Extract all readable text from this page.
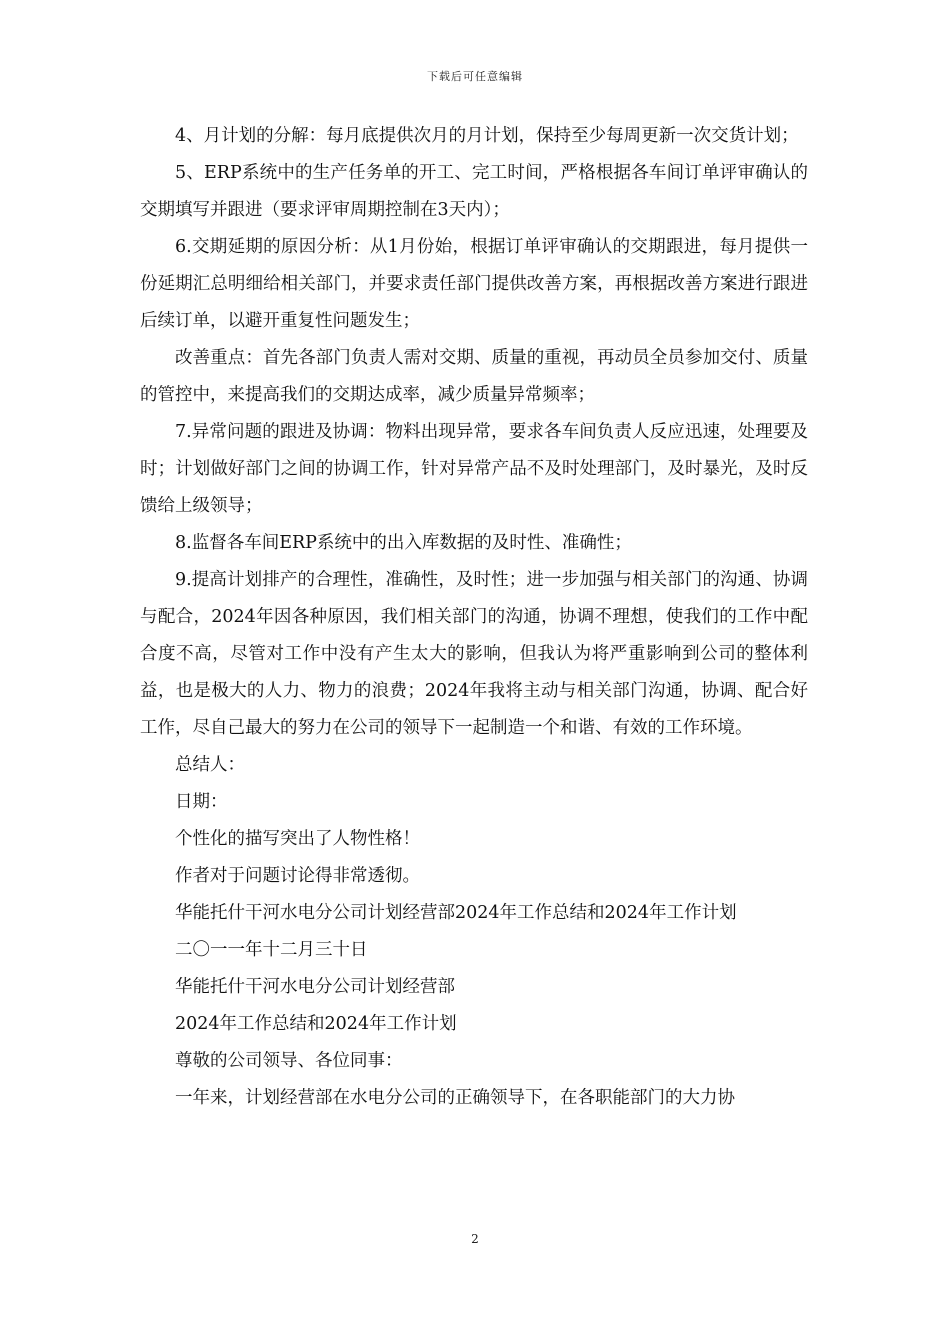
下载后可任意编辑

4、月计划的分解：每月底提供次月的月计划，保持至少每周更新一次交货计划；

5、ERP系统中的生产任务单的开工、完工时间，严格根据各车间订单评审确认的交期填写并跟进（要求评审周期控制在3天内）；

6.交期延期的原因分析：从1月份始，根据订单评审确认的交期跟进，每月提供一份延期汇总明细给相关部门，并要求责任部门提供改善方案，再根据改善方案进行跟进后续订单，以避开重复性问题发生；

改善重点：首先各部门负责人需对交期、质量的重视，再动员全员参加交付、质量的管控中，来提高我们的交期达成率，减少质量异常频率；

7.异常问题的跟进及协调：物料出现异常，要求各车间负责人反应迅速，处理要及时；计划做好部门之间的协调工作，针对异常产品不及时处理部门，及时暴光，及时反馈给上级领导；

8.监督各车间ERP系统中的出入库数据的及时性、准确性；

9.提高计划排产的合理性，准确性，及时性；进一步加强与相关部门的沟通、协调与配合，2024年因各种原因，我们相关部门的沟通，协调不理想，使我们的工作中配合度不高，尽管对工作中没有产生太大的影响，但我认为将严重影响到公司的整体利益，也是极大的人力、物力的浪费；2024年我将主动与相关部门沟通，协调、配合好工作，尽自己最大的努力在公司的领导下一起制造一个和谐、有效的工作环境。

总结人：

日期：

个性化的描写突出了人物性格！

作者对于问题讨论得非常透彻。

华能托什干河水电分公司计划经营部2024年工作总结和2024年工作计划

二〇一一年十二月三十日

华能托什干河水电分公司计划经营部

2024年工作总结和2024年工作计划

尊敬的公司领导、各位同事：

一年来，计划经营部在水电分公司的正确领导下，在各职能部门的大力协

2
